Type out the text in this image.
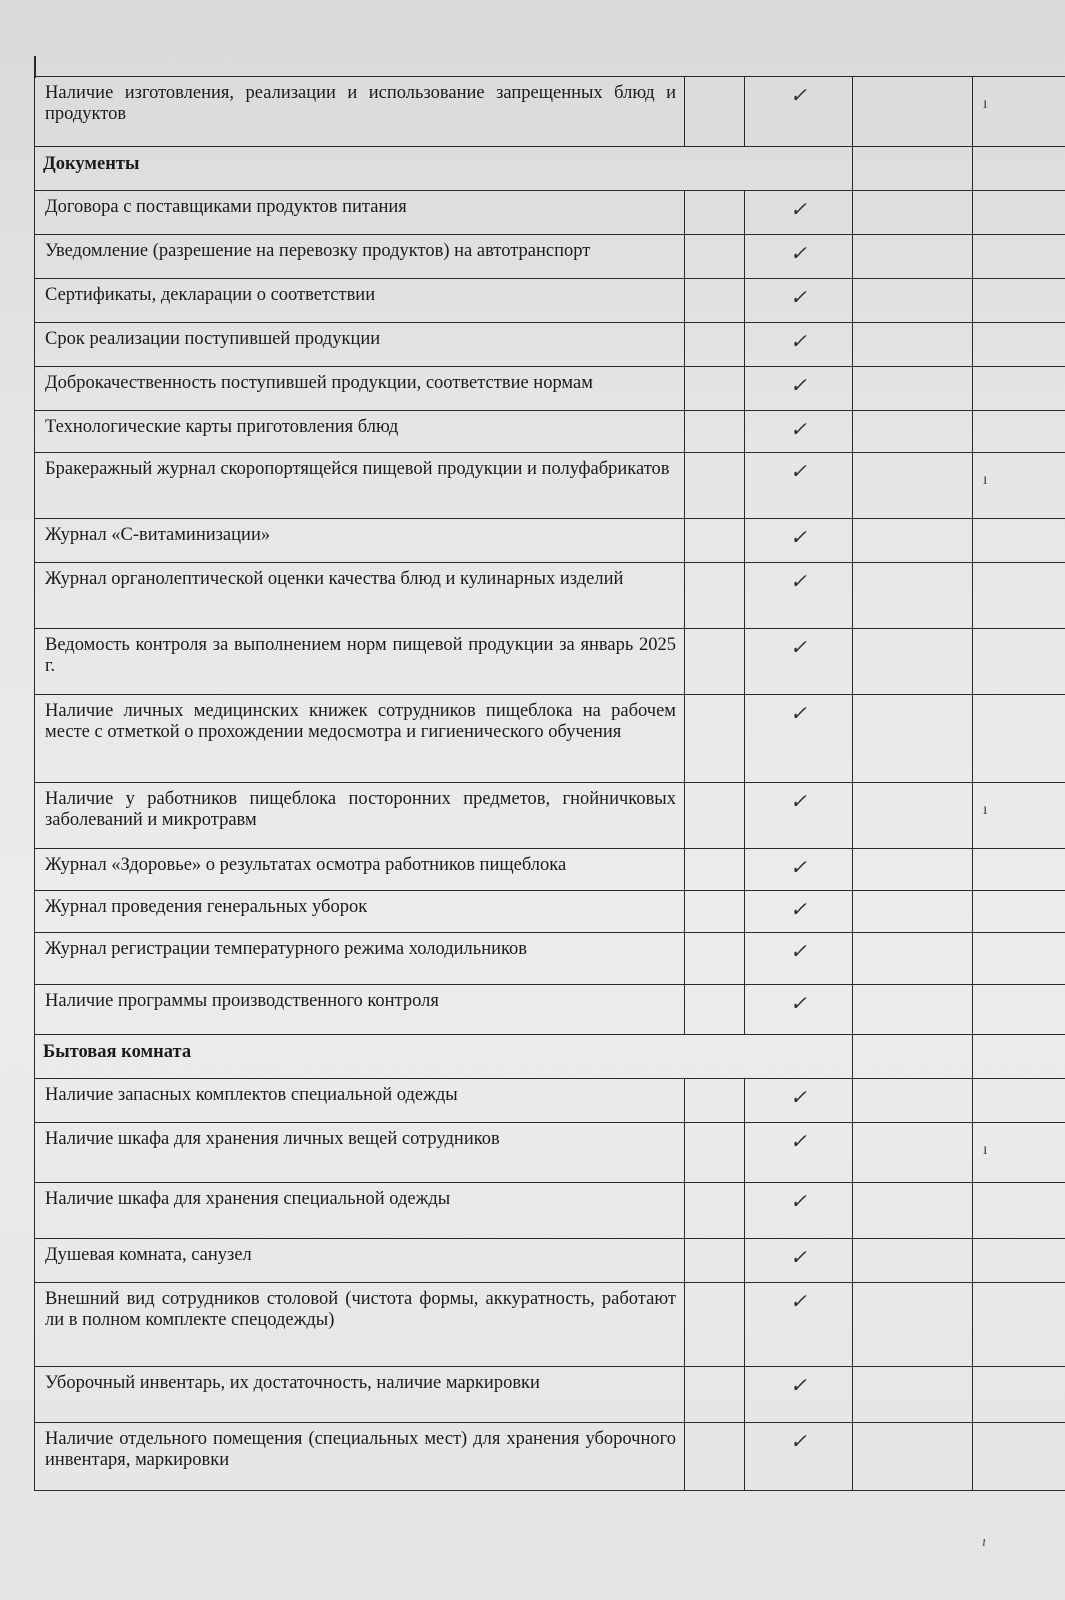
Наличие изготовления, реализации и использование запрещенных блюд и продуктов		✓		ı
Документы				
Договора с поставщиками продуктов питания		✓		
Уведомление (разрешение на перевозку продуктов) на автотранспорт		✓		
Сертификаты, декларации о соответствии		✓		
Срок реализации поступившей продукции		✓		
Доброкачественность поступившей продукции, соответствие нормам		✓		
Технологические карты приготовления блюд		✓		
Бракеражный журнал скоропортящейся пищевой продукции и полуфабрикатов		✓		ı
Журнал «С-витаминизации»		✓		
Журнал органолептической оценки качества блюд и кулинарных изделий		✓		
Ведомость контроля за выполнением норм пищевой продукции за январь 2025 г.		✓		
Наличие личных медицинских книжек сотрудников пищеблока на рабочем месте с отметкой о прохождении медосмотра и гигиенического обучения		✓		
Наличие у работников пищеблока посторонних предметов, гнойничковых заболеваний и микротравм		✓		ı
Журнал «Здоровье» о результатах осмотра работников пищеблока		✓		
Журнал проведения генеральных уборок		✓		
Журнал регистрации температурного режима холодильников		✓		
Наличие программы производственного контроля		✓		
Бытовая комната				
Наличие запасных комплектов специальной одежды		✓		
Наличие шкафа для хранения личных вещей сотрудников		✓		ı
Наличие шкафа для хранения специальной одежды		✓		
Душевая комната, санузел		✓		
Внешний вид сотрудников столовой (чистота формы, аккуратность, работают ли в полном комплекте спецодежды)		✓		
Уборочный инвентарь, их достаточность, наличие маркировки		✓		
Наличие отдельного помещения (специальных мест) для хранения уборочного инвентаря, маркировки		✓		
ı
